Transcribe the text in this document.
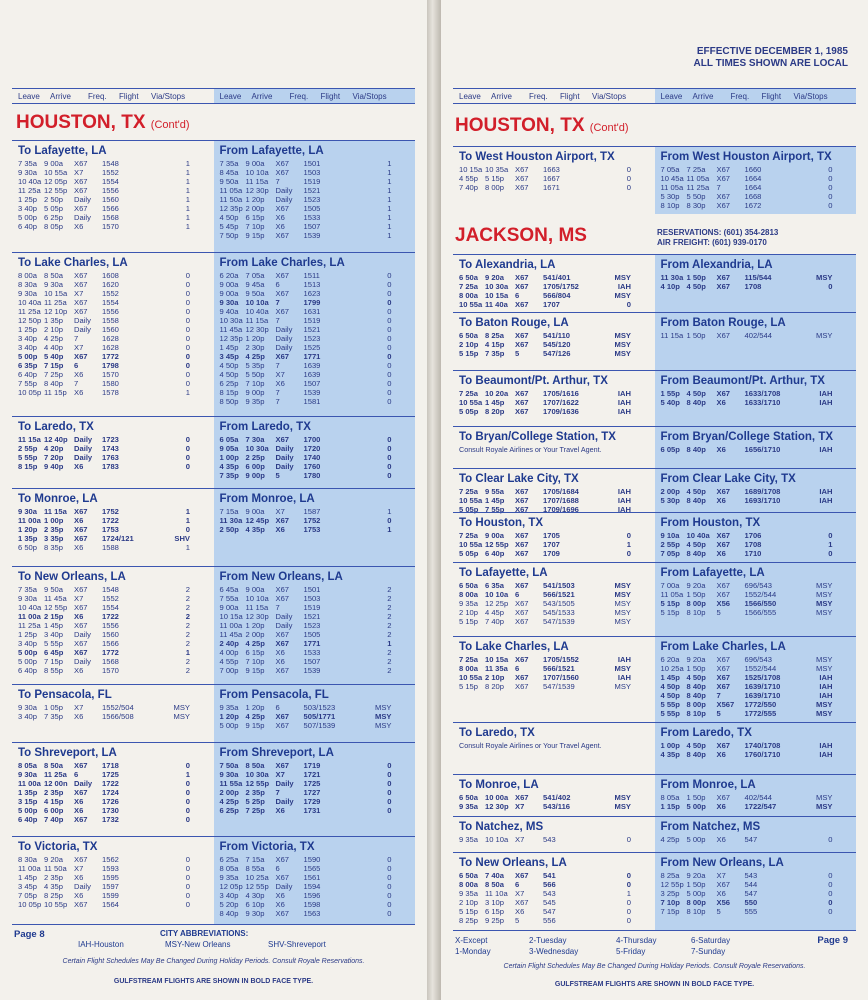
Leave	Arrive	Freq.	Flight	Via/Stops	Leave	Arrive	Freq.	Flight	Via/Stops
HOUSTON, TX (Cont'd)
To Lafayette, LA
7 35a 9 00a	X67	1548	1
9 30a 10 55a X7	1552	1
10 40a 12 05p X67	1554	1
11 25a 12 55p X67	1556	1
1 25p 2 50p	Daily	1560	1
3 40p 5 05p	X67	1566	1
5 00p 6 25p	Daily	1568	1
6 40p 8 05p	X6	1570	1
From Lafayette, LA
7 35a 9 00a	X67	1501	1
8 45a 10 10a X67	1503	1
9 50a 11 15a 7	1519	1
11 05a 12 30p Daily	1521	1
11 50a 1 20p	Daily	1523	1
12 35p 2 00p	X67	1505	1
4 50p 6 15p	X6	1533	1
5 45p 7 10p	X6	1507	1
7 50p 9 15p	X67	1539	1
To Lake Charles, LA
8 00a 8 50a	X67	1608	0
8 30a 9 30a	X67	1620	0
9 30a 10 15a X7	1552	0
10 40a 11 25a X67	1554	0
11 25a 12 10p X67	1556	0
12 50p 1 35p	Daily	1558	0
1 25p 2 10p	Daily	1560	0
3 40p 4 25p	7	1628	0
3 40p 4 40p	X7	1628	0
5 00p 5 40p	X67	1772	0
6 35p 7 15p	6	1798	0
6 40p 7 25p	X6	1570	0
7 55p 8 40p	7	1580	0
10 05p 11 15p X6	1578	1
From Lake Charles, LA
6 20a 7 05a	X67	1511	0
9 00a 9 45a	6	1513	0
9 00a 9 50a	X67	1623	0
9 30a 10 10a 7	1799	0
9 40a 10 40a X67	1631	0
10 30a 11 15a 7	1519	0
11 45a 12 30p Daily	1521	0
12 35p 1 20p	Daily	1523	0
1 45p 2 30p	Daily	1525	0
3 45p 4 25p	X67	1771	0
4 50p 5 35p	7	1639	0
4 50p 5 50p	X7	1639	0
6 25p 7 10p	X6	1507	0
8 15p 9 00p	7	1539	0
8 50p 9 35p	7	1581	0
To Laredo, TX
11 15a 12 40p Daily	1723	0
2 55p 4 20p	Daily	1743	0
5 55p 7 20p	Daily	1763	0
8 15p 9 40p	X6	1783	0
From Laredo, TX
6 05a 7 30a	X67	1700	0
9 05a 10 30a Daily	1720	0
1 00p 2 25p	Daily	1740	0
4 35p 6 00p	Daily	1760	0
7 35p 9 00p	5	1780	0
To Monroe, LA
9 30a 11 15a X67	1752	1
11 00a 1 00p	X6	1722	1
1 20p 2 35p	X67	1753	0
1 35p 3 35p	X67	1724/121	SHV
6 50p 8 35p	X6	1588	1
From Monroe, LA
7 15a 9 00a	X7	1587	1
11 30a 12 45p X67	1752	0
2 50p 4 35p	X6	1753	1
To New Orleans, LA
7 35a 9 50a	X67	1548	2
9 30a 11 45a X7	1552	2
10 40a 12 55p X67	1554	2
11 00a 2 15p	X6	1722	2
11 25a 1 45p	X67	1556	2
1 25p 3 40p	Daily	1560	2
3 40p 5 55p	X67	1566	2
5 00p 6 45p	X67	1772	1
5 00p 7 15p	Daily	1568	2
6 40p 8 55p	X6	1570	2
From New Orleans, LA
6 45a 9 00a	X67	1501	2
7 55a 10 10a X67	1503	2
9 00a 11 15a 7	1519	2
10 15a 12 30p Daily	1521	2
11 00a 1 20p	Daily	1523	2
11 45a 2 00p	X67	1505	2
2 40p 4 25p	X67	1771	1
4 00p 6 15p	X6	1533	2
4 55p 7 10p	X6	1507	2
7 00p 9 15p	X67	1539	2
To Pensacola, FL
9 30a 1 05p	X7	1552/504	MSY
3 40p 7 35p	X6	1566/508	MSY
From Pensacola, FL
9 35a 1 20p	6	503/1523	MSY
1 20p 4 25p	X67	505/1771	MSY
5 00p 9 15p	X67	507/1539	MSY
To Shreveport, LA
8 05a 8 50a	X67	1718	0
9 30a 11 25a 6	1725	1
11 00a 12 00n Daily	1722	0
1 35p 2 35p	X67	1724	0
3 15p 4 15p	X6	1726	0
5 00p 6 00p	X6	1730	0
6 40p 7 40p	X67	1732	0
From Shreveport, LA
7 50a 8 50a	X67	1719	0
9 30a 10 30a X7	1721	0
11 55a 12 55p Daily	1725	0
2 00p 2 35p	7	1727	0
4 25p 5 25p	Daily	1729	0
6 25p 7 25p	X6	1731	0
To Victoria, TX
8 30a 9 20a	X67	1562	0
11 00a 11 50a X7	1593	0
1 45p 2 35p	X6	1595	0
3 45p 4 35p	Daily	1597	0
7 05p 8 25p	X6	1599	0
10 05p 10 55p X67	1564	0
From Victoria, TX
6 25a 7 15a	X67	1590	0
8 05a 8 55a	6	1565	0
9 35a 10 25a X67	1561	0
12 05p 12 55p Daily	1594	0
3 40p 4 30p	X6	1596	0
5 20p 6 10p	X6	1598	0
8 40p 9 30p	X67	1563	0
Page 8	CITY ABBREVIATIONS:
IAH-Houston	MSY-New Orleans	SHV-Shreveport
Certain Flight Schedules May Be Changed During Holiday Periods. Consult Royale Reservations.
GULFSTREAM FLIGHTS ARE SHOWN IN BOLD FACE TYPE.
EFFECTIVE DECEMBER 1, 1985
ALL TIMES SHOWN ARE LOCAL
Leave	Arrive	Freq.	Flight	Via/Stops	Leave	Arrive	Freq.	Flight	Via/Stops
HOUSTON, TX (Cont'd)
JACKSON, MS	RESERVATIONS: (601) 354-2813
AIR FREIGHT: (601) 939-0170
To West Houston Airport, TX
10 15a 10 35a X67	1663	0
4 55p 5 15p	X67	1667	0
7 40p 8 00p	X67	1671	0
From West Houston Airport, TX
7 05a 7 25a	X67	1660	0
10 45a 11 05a X67	1664	0
11 05a 11 25a 7	1664	0
5 30p 5 50p	X67	1668	0
8 10p 8 30p	X67	1672	0
To Alexandria, LA
6 50a 9 20a	X67	541/401	MSY
7 25a 10 30a X67	1705/1752	IAH
8 00a 10 15a 6	566/804	MSY
10 55a 11 40a X67	1707	0
From Alexandria, LA
11 30a 1 50p	X67	115/544	MSY
4 10p 4 50p	X67	1708	0
To Baton Rouge, LA
6 50a 8 25a	X67	541/110	MSY
2 10p 4 15p	X67	545/120	MSY
5 15p 7 35p	5	547/126	MSY
From Baton Rouge, LA
11 15a 1 50p	X67	402/544	MSY
To Beaumont/Pt. Arthur, TX
7 25a 10 20a X67	1705/1616	IAH
10 55a 1 45p	X67	1707/1622	IAH
5 05p 8 20p	X67	1709/1636	IAH
From Beaumont/Pt. Arthur, TX
1 55p 4 50p	X67	1633/1708	IAH
5 40p 8 40p	X6	1633/1710	IAH
To Bryan/College Station, TX
Consult Royale Airlines or Your Travel Agent.
From Bryan/College Station, TX
6 05p 8 40p	X6	1656/1710	IAH
To Clear Lake City, TX
7 25a 9 55a	X67	1705/1684	IAH
10 55a 1 45p	X67	1707/1688	IAH
5 05p 7 55p	X67	1709/1696	IAH
From Clear Lake City, TX
2 00p 4 50p	X67	1689/1708	IAH
5 30p 8 40p	X6	1693/1710	IAH
To Houston, TX
7 25a 9 00a	X67	1705	0
10 55a 12 55p X67	1707	1
5 05p 6 40p	X67	1709	0
From Houston, TX
9 10a 10 40a X67	1706	0
2 55p 4 50p	X67	1708	1
7 05p 8 40p	X6	1710	0
To Lafayette, LA
6 50a 6 35a	X67	541/1503	MSY
8 00a 10 10a 6	566/1521	MSY
9 35a 12 25p X67	543/1505	MSY
2 10p 4 45p	X67	545/1533	MSY
5 15p 7 40p	X67	547/1539	MSY
From Lafayette, LA
7 00a 9 20a	X67	696/543	MSY
11 05a 1 50p	X67	1552/544	MSY
5 15p 8 00p	X56	1566/550	MSY
5 15p 8 10p	5	1566/555	MSY
To Lake Charles, LA
7 25a 10 15a X67	1705/1552	IAH
8 00a 11 35a 6	566/1521	MSY
10 55a 2 10p	X67	1707/1560	IAH
5 15p 8 20p	X67	547/1539	MSY
From Lake Charles, LA
6 20a 9 20a	X67	696/543	MSY
10 25a 1 50p	X67	1552/544	MSY
1 45p 4 50p	X67	1525/1708	IAH
4 50p 8 40p	X67	1639/1710	IAH
4 50p 8 40p	7	1639/1710	IAH
5 55p 8 00p	X567	1772/550	MSY
5 55p 8 10p	5	1772/555	MSY
To Laredo, TX
Consult Royale Airlines or Your Travel Agent.
From Laredo, TX
1 00p 4 50p	X67	1740/1708	IAH
4 35p 8 40p	X6	1760/1710	IAH
To Monroe, LA
6 50a 10 00a X67	541/402	MSY
9 35a 12 30p X7	543/116	MSY
From Monroe, LA
8 05a 1 50p	X67	402/544	MSY
1 15p 5 00p	X6	1722/547	MSY
To Natchez, MS
9 35a 10 10a X7	543	0
From Natchez, MS
4 25p 5 00p	X6	547	0
To New Orleans, LA
6 50a 7 40a	X67	541	0
8 00a 8 50a	6	566	0
9 35a 11 10a X7	543	1
2 10p 3 10p	X67	545	0
5 15p 6 15p	X6	547	0
8 25p 9 25p	5	556	0
From New Orleans, LA
8 25a 9 20a	X7	543	0
12 55p 1 50p	X67	544	0
3 25p 5 00p	X6	547	0
7 10p 8 00p	X56	550	0
7 15p 8 10p	5	555	0
X-Except
1-Monday
2-Tuesday
3-Wednesday
4-Thursday
5-Friday
6-Saturday
7-Sunday
Page 9
Certain Flight Schedules May Be Changed During Holiday Periods. Consult Royale Reservations.
GULFSTREAM FLIGHTS ARE SHOWN IN BOLD FACE TYPE.
